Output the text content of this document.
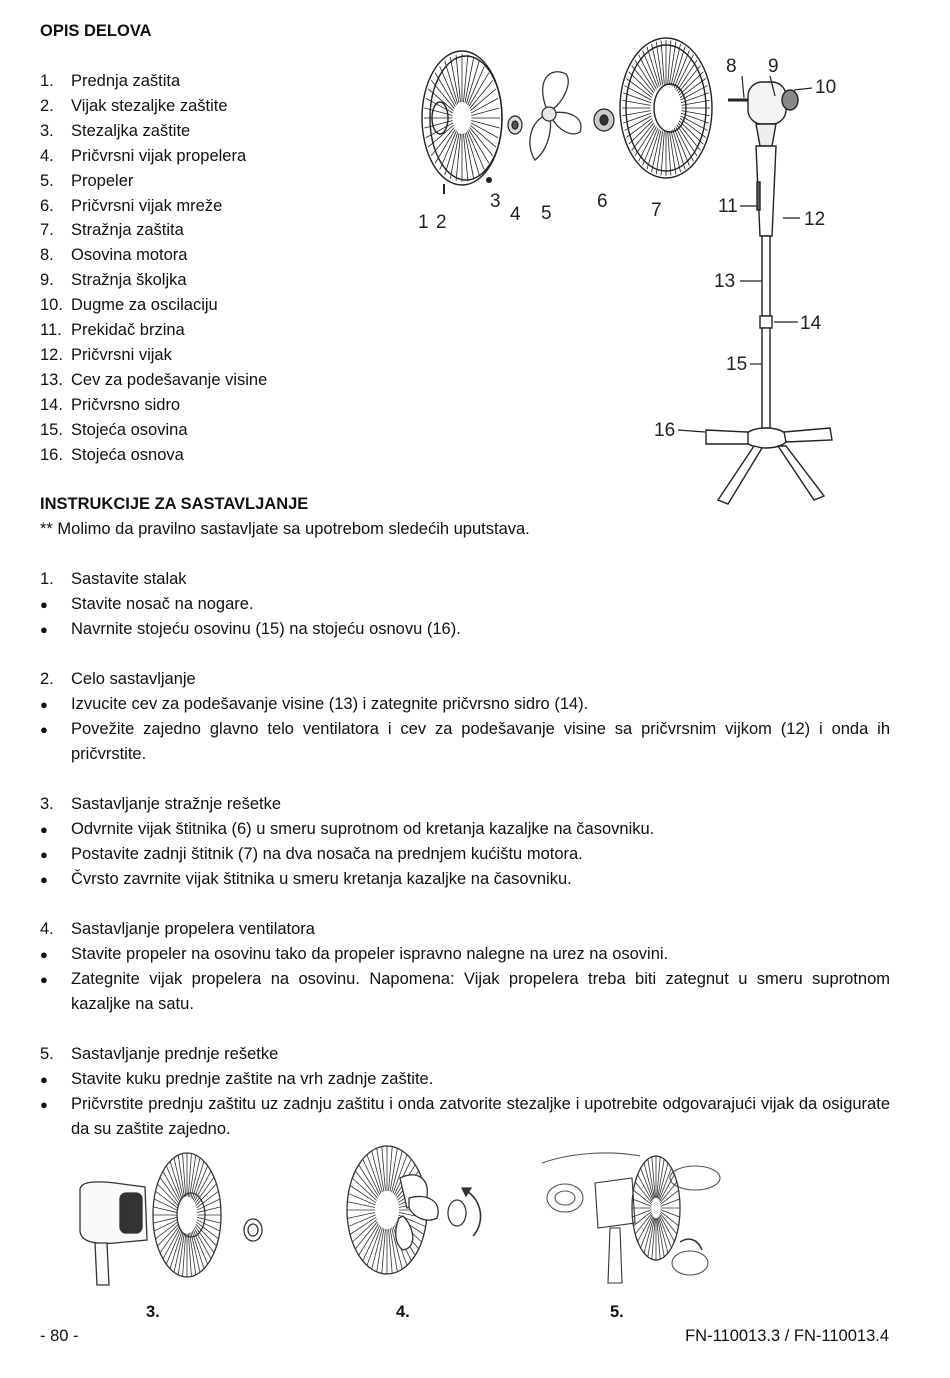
OPIS DELOVA
1. Prednja zaštita
2. Vijak stezaljke zaštite
3. Stezaljka zaštite
4. Pričvrsni vijak propelera
5. Propeler
6. Pričvrsni vijak mreže
7. Stražnja zaštita
8. Osovina motora
9. Stražnja školjka
10. Dugme za oscilaciju
11. Prekidač brzina
12. Pričvrsni vijak
13. Cev za podešavanje visine
14. Pričvrsno sidro
15. Stojeća osovina
16. Stojeća osnova
1 2
3
4 5
6 7
8 9
10
11
12
13
14
15
16
INSTRUKCIJE ZA SASTAVLJANJE
** Molimo da pravilno sastavljate sa upotrebom sledećih uputstava.
1. Sastavite stalak
●	Stavite nosač na nogare.
●	Navrnite stojeću osovinu (15) na stojeću osnovu (16).
2. Celo sastavljanje
●	Izvucite cev za podešavanje visine (13) i zategnite pričvrsno sidro (14).
●	Povežite zajedno glavno telo ventilatora i cev za podešavanje visine sa pričvrsnim vijkom (12) i onda ih pričvrstite.
3. Sastavljanje stražnje rešetke
●	Odvrnite vijak štitnika (6) u smeru suprotnom od kretanja kazaljke na časovniku.
●	Postavite zadnji štitnik (7) na dva nosača na prednjem kućištu motora.
●	Čvrsto zavrnite vijak štitnika u smeru kretanja kazaljke na časovniku.
4. Sastavljanje propelera ventilatora
●	Stavite propeler na osovinu tako da propeler ispravno nalegne na urez na osovini.
●	Zategnite vijak propelera na osovinu. Napomena: Vijak propelera treba biti zategnut u smeru suprotnom kazaljke na satu.
5. Sastavljanje prednje rešetke
●	Stavite kuku prednje zaštite na vrh zadnje zaštite.
●	Pričvrstite prednju zaštitu uz zadnju zaštitu i onda zatvorite stezaljke i upotrebite odgovarajući vijak da osigurate da su zaštite zajedno.
3.	4.	5.
- 80 -	FN-110013.3 / FN-110013.4
